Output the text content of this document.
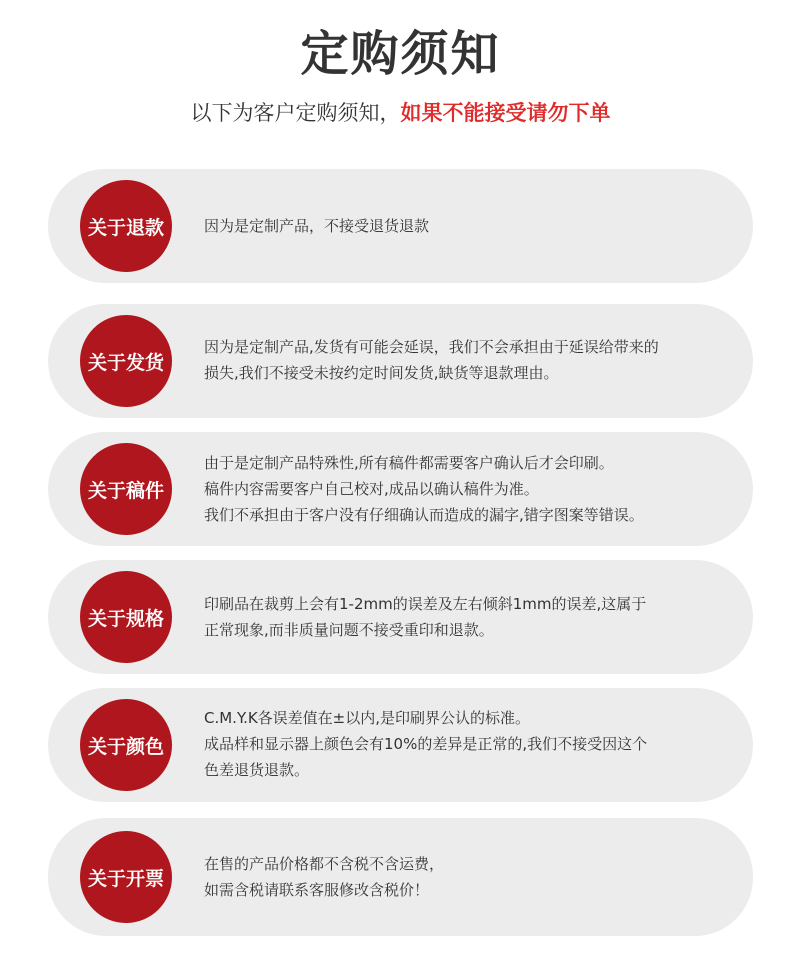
定购须知
以下为客户定购须知，如果不能接受请勿下单
关于退款	因为是定制产品，不接受退货退款
关于发货
因为是定制产品,发货有可能会延误，我们不会承担由于延误给带来的
损失,我们不接受未按约定时间发货,缺货等退款理由。
关于稿件
由于是定制产品特殊性,所有稿件都需要客户确认后才会印刷。
稿件内容需要客户自己校对,成品以确认稿件为准。
我们不承担由于客户没有仔细确认而造成的漏字,错字图案等错误。
关于规格
印刷品在裁剪上会有1-2mm的误差及左右倾斜1mm的误差,这属于
正常现象,而非质量问题不接受重印和退款。
关于颜色
C.M.Y.K各误差值在±以内,是印刷界公认的标准。
成品样和显示器上颜色会有10%的差异是正常的,我们不接受因这个
色差退货退款。
关于开票
在售的产品价格都不含税不含运费，
如需含税请联系客服修改含税价！
